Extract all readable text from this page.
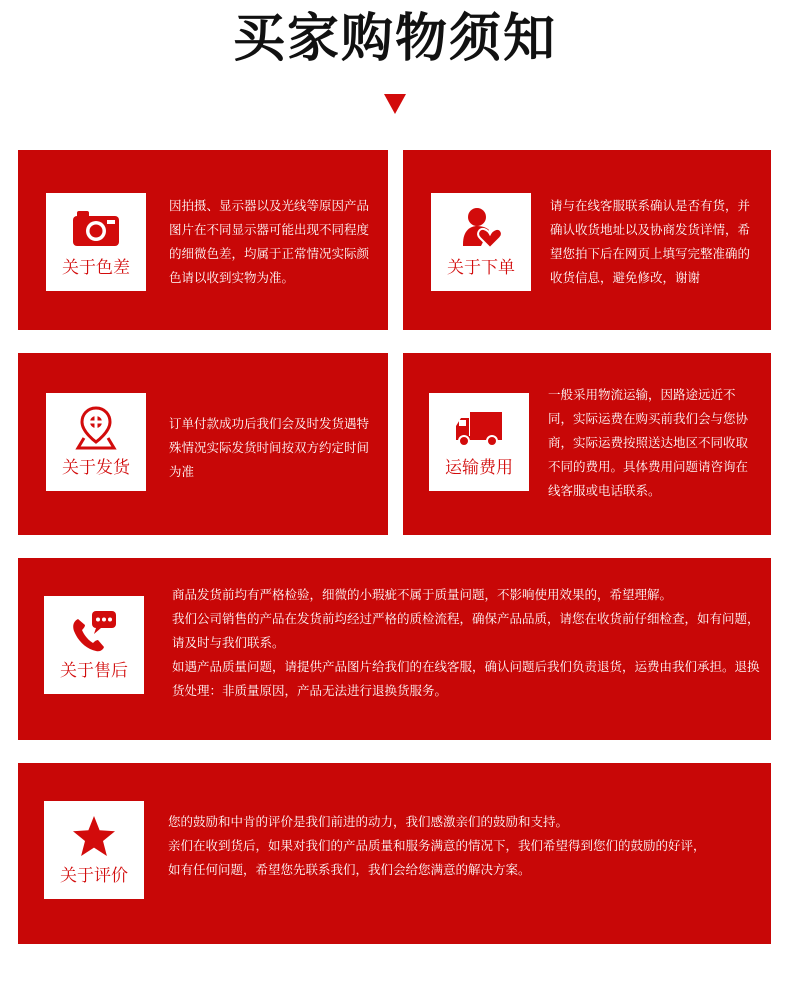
买家购物须知
关于色差
因拍摄、显示器以及光线等原因产品图片在不同显示器可能出现不同程度的细微色差，均属于正常情况实际颜色请以收到实物为准。	关于下单
请与在线客服联系确认是否有货，并确认收货地址以及协商发货详情，希望您拍下后在网页上填写完整准确的收货信息，避免修改，谢谢
关于发货
订单付款成功后我们会及时发货遇特殊情况实际发货时间按双方约定时间为准	运输费用
一般采用物流运输，因路途远近不同，实际运费在购买前我们会与您协商，实际运费按照送达地区不同收取不同的费用。具体费用问题请咨询在线客服或电话联系。
关于售后

商品发货前均有严格检验，细微的小瑕疵不属于质量问题，不影响使用效果的，希望理解。

我们公司销售的产品在发货前均经过严格的质检流程，确保产品品质，请您在收货前仔细检查，如有问题，请及时与我们联系。

如遇产品质量问题，请提供产品图片给我们的在线客服，确认问题后我们负责退货，运费由我们承担。退换货处理：非质量原因，产品无法进行退换货服务。

关于评价

您的鼓励和中肯的评价是我们前进的动力，我们感激亲们的鼓励和支持。

亲们在收到货后，如果对我们的产品质量和服务满意的情况下，我们希望得到您们的鼓励的好评，

如有任何问题，希望您先联系我们，我们会给您满意的解决方案。
